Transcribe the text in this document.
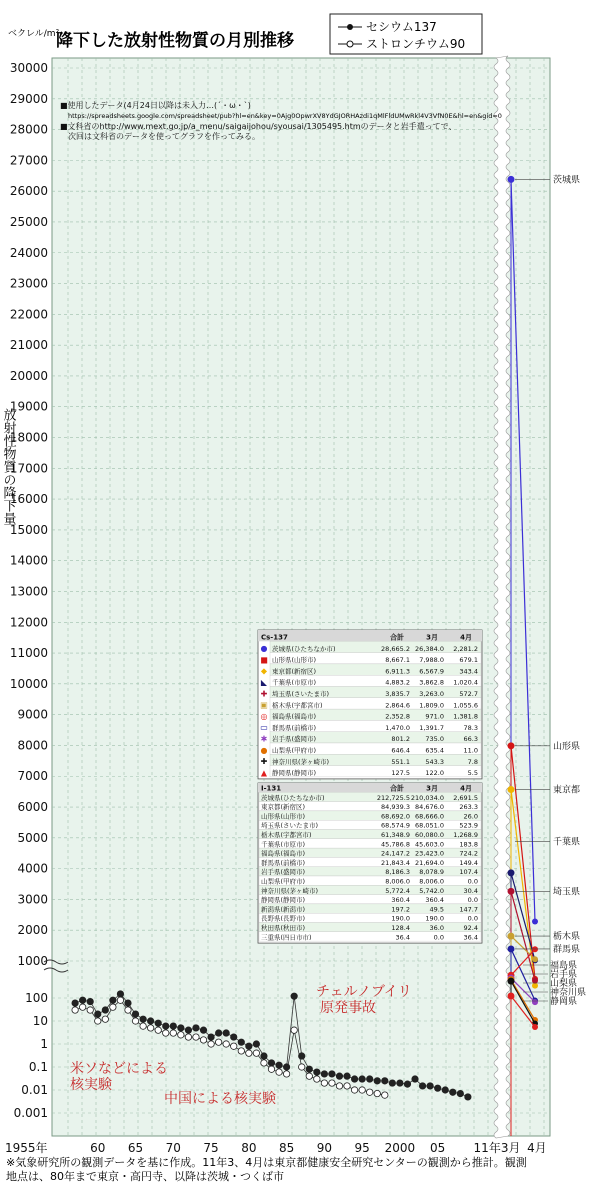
ベクレル/m²
降下した放射性物質の月別推移
セシウム137
ストロンチウム90
1000
2000
3000
4000
5000
6000
7000
8000
9000
10000
11000
12000
13000
14000
15000
16000
17000
18000
19000
20000
21000
22000
23000
24000
25000
26000
27000
28000
29000
30000
100
10
1
0.1
0.01
0.001
放射性物質の降下量
■使用したデータ(4月24日以降は未入力…(´・ω・`)
https://spreadsheets.google.com/spreadsheet/pub?hl=en&key=0Ajg0OpwrXV8YdGJORHAzdi1qMlFldUMwRkl4V3VfN0E&hl=en&gid=0
■文科省のhttp://www.mext.go.jp/a_menu/saigaijohou/syousai/1305495.htmのデータと岩手遣ってで、
次回は文科省のデータを使ってグラフを作ってみる。
チェルノブイリ
原発事故
米ソなどによる
核実験
中国による核実験
茨城県
山形県
東京都
千葉県
埼玉県
栃木県
群馬県
福島県
岩手県
山梨県
神奈川県
静岡県
Cs-137	合計	3月	4月
● 茨城県(ひたちなか市)	28,665.2 26,384.0 2,281.2
■ 山形県(山形市)	8,667.1 7,988.0 679.1
◆ 東京都(新宿区)	6,911.3 6,567.9 343.4
◣ 千葉県(市原市)	4,883.2 3,862.8 1,020.4
✚ 埼玉県(さいたま市)	3,835.7 3,263.0 572.7
▣ 栃木県(宇都宮市)	2,864.6 1,809.0 1,055.6
◎ 福島県(福島市)	2,352.8 971.0 1,381.8
▭ 群馬県(前橋市)	1,470.0 1,391.7	78.3
✱ 岩手県(盛岡市)	801.2 735.0	66.3
● 山梨県(甲府市)	646.4 635.4	11.0
✚ 神奈川県(茅ヶ崎市)	551.1 543.3	7.8
▲ 静岡県(静岡市)	127.5 122.0	5.5
I-131	合計	3月	4月
茨城県(ひたちなか市)	212,725.5 210,034.0 2,691.5
東京都(新宿区)	84,939.3 84,676.0 263.3
山形県(山形市)	68,692.0 68,666.0	26.0
埼玉県(さいたま市)	68,574.9 68,051.0 523.9
栃木県(宇都宮市)	61,348.9 60,080.0 1,268.9
千葉県(市原市)	45,786.8 45,603.0 183.8
福島県(福島市)	24,147.2 23,423.0 724.2
群馬県(前橋市)	21,843.4 21,694.0 149.4
岩手県(盛岡市)	8,186.3 8,078.9 107.4
山梨県(甲府市)	8,006.0 8,006.0	0.0
神奈川県(茅ヶ崎市)	5,772.4 5,742.0	30.4
静岡県(静岡市)	360.4 360.4	0.0
新潟県(新潟市)	197.2	49.5 147.7
長野県(長野市)	190.0 190.0	0.0
秋田県(秋田市)	128.4	36.0	92.4
三重県(四日市市)	36.4	0.0	36.4
1955年	60 65 70 75 80 85 90 95 2000 05 11年3月 4月
※気象研究所の観測データを基に作成。11年3、4月は東京都健康安全研究センターの観測から推計。観測
地点は、80年まで東京・高円寺、以降は茨城・つくば市
